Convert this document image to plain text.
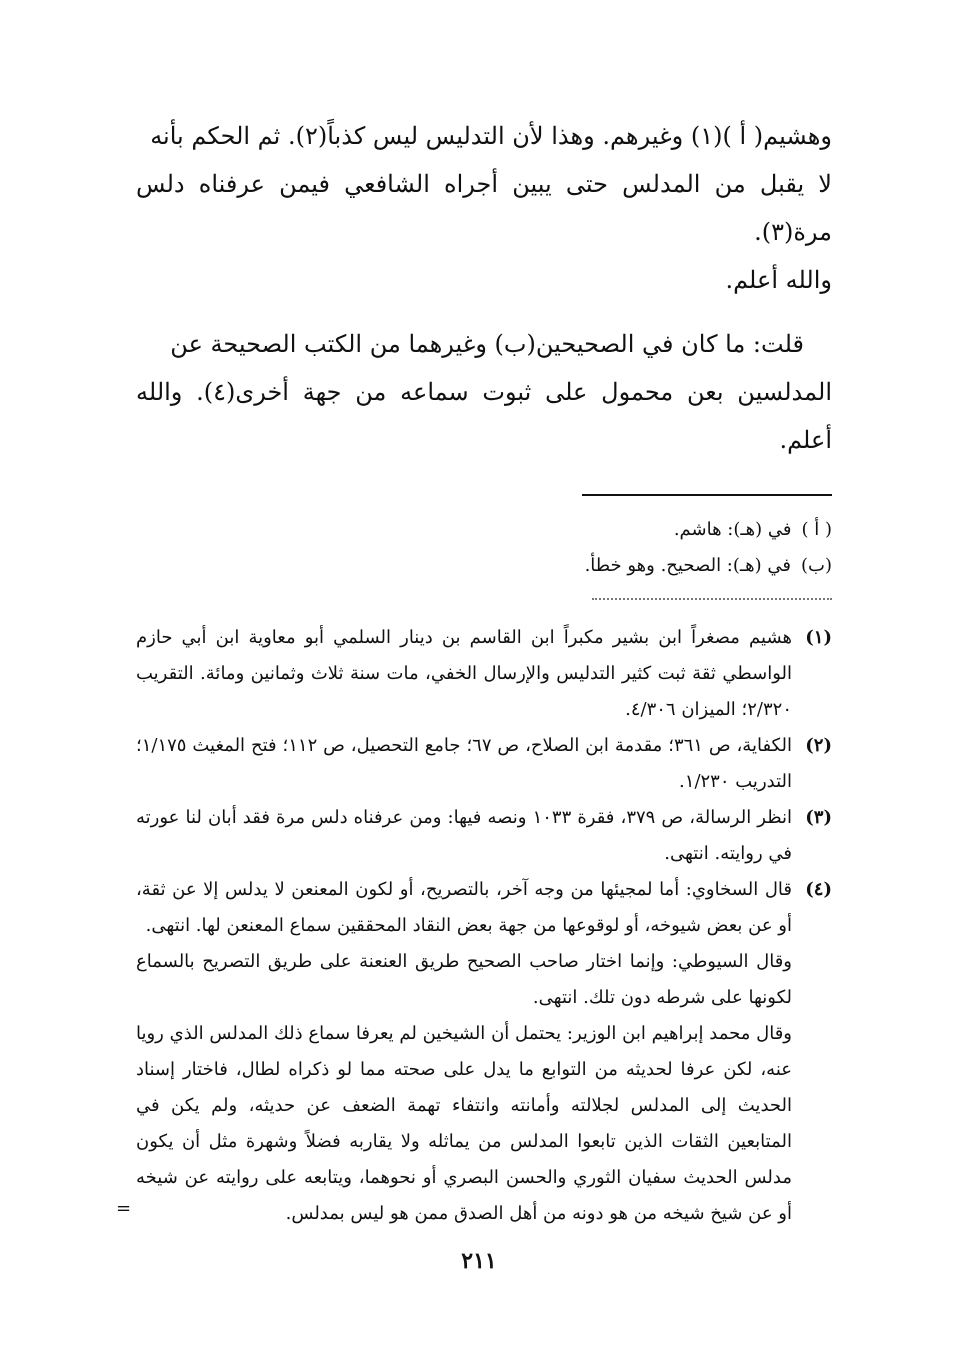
وهشيم( أ )(١) وغيرهم. وهذا لأن التدليس ليس كذباً(٢). ثم الحكم بأنه
لا يقبل من المدلس حتى يبين أجراه الشافعي فيمن عرفناه دلس مرة(٣).
والله أعلم.

قلت: ما كان في الصحيحين(ب) وغيرهما من الكتب الصحيحة عن
المدلسين بعن محمول على ثبوت سماعه من جهة أخرى(٤). والله أعلم.

( أ )
في (هـ): هاشم.
(ب)
في (هـ): الصحيح. وهو خطأ.
(١)

هشيم مصغراً ابن بشير مكبراً ابن القاسم بن دينار السلمي أبو معاوية ابن أبي حازم الواسطي ثقة ثبت كثير التدليس والإرسال الخفي، مات سنة ثلاث وثمانين ومائة. التقريب ٢/٣٢٠؛ الميزان ٤/٣٠٦.

(٢)

الكفاية، ص ٣٦١؛ مقدمة ابن الصلاح، ص ٦٧؛ جامع التحصيل، ص ١١٢؛ فتح المغيث ١/١٧٥؛ التدريب ١/٢٣٠.

(٣)

انظر الرسالة، ص ٣٧٩، فقرة ١٠٣٣ ونصه فيها: ومن عرفناه دلس مرة فقد أبان لنا عورته في روايته. انتهى.

(٤)

قال السخاوي: أما لمجيئها من وجه آخر، بالتصريح، أو لكون المعنعن لا يدلس إلا عن ثقة، أو عن بعض شيوخه، أو لوقوعها من جهة بعض النقاد المحققين سماع المعنعن لها. انتهى.

وقال السيوطي: وإنما اختار صاحب الصحيح طريق العنعنة على طريق التصريح بالسماع لكونها على شرطه دون تلك. انتهى.

وقال محمد إبراهيم ابن الوزير: يحتمل أن الشيخين لم يعرفا سماع ذلك المدلس الذي رويا عنه، لكن عرفا لحديثه من التوابع ما يدل على صحته مما لو ذكراه لطال، فاختار إسناد الحديث إلى المدلس لجلالته وأمانته وانتفاء تهمة الضعف عن حديثه، ولم يكن في المتابعين الثقات الذين تابعوا المدلس من يماثله ولا يقاربه فضلاً وشهرة مثل أن يكون مدلس الحديث سفيان الثوري والحسن البصري أو نحوهما، ويتابعه على روايته عن شيخه أو عن شيخ شيخه من هو دونه من أهل الصدق ممن هو ليس بمدلس.

=
٢١١
